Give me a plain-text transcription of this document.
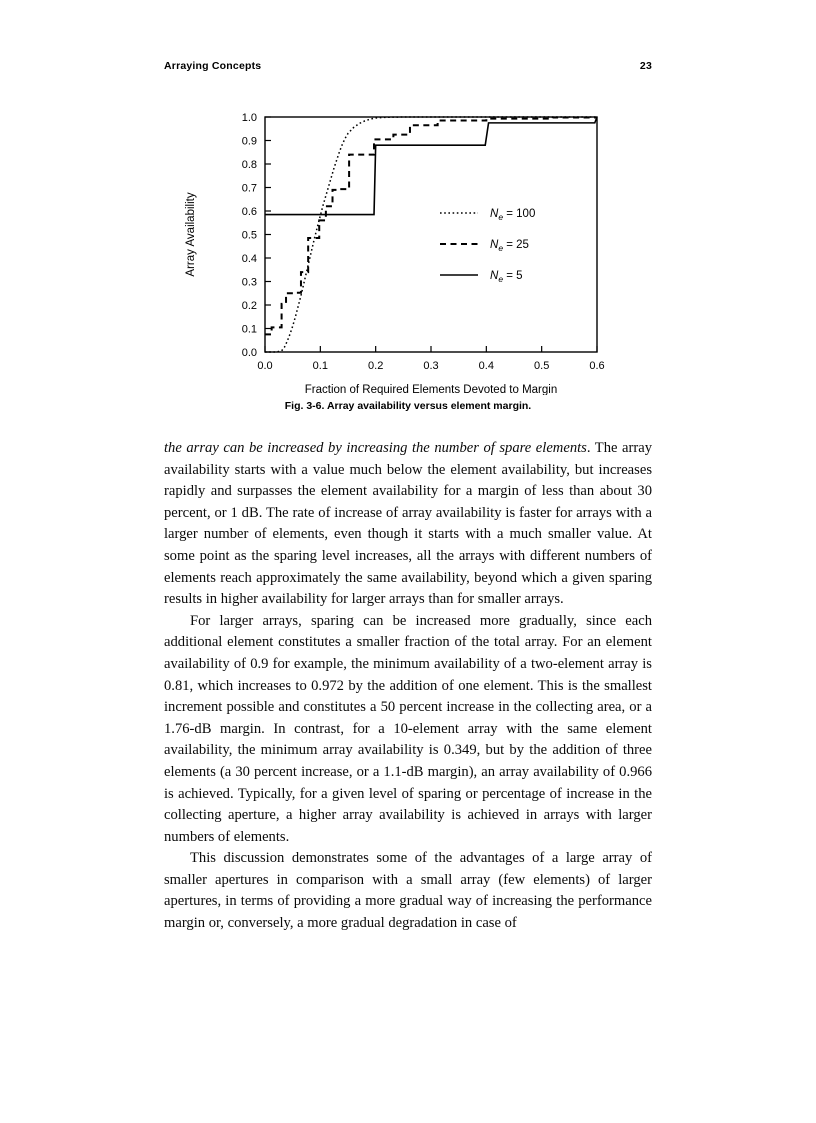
Arraying Concepts	23
0.0
0.1
0.2
0.3
0.4
0.5
0.6
0.7
0.8
0.9
1.0
0.0	0.1	0.2	0.3	0.4	0.5	0.6
Fraction of Required Elements Devoted to Margin
Array Availability	$N_e = 100$
$N_e = 25$
$N_e = 5$
Fig. 3-6. Array availability versus element margin.

the array can be increased by increasing the number of spare elements. The array availability starts with a value much below the element availability, but increases rapidly and surpasses the element availability for a margin of less than about 30 percent, or 1 dB. The rate of increase of array availability is faster for arrays with a larger number of elements, even though it starts with a much smaller value. At some point as the sparing level increases, all the arrays with different numbers of elements reach approximately the same availability, beyond which a given sparing results in higher availability for larger arrays than for smaller arrays.

For larger arrays, sparing can be increased more gradually, since each additional element constitutes a smaller fraction of the total array. For an element availability of 0.9 for example, the minimum availability of a two-element array is 0.81, which increases to 0.972 by the addition of one element. This is the smallest increment possible and constitutes a 50 percent increase in the collecting area, or a 1.76-dB margin. In contrast, for a 10-element array with the same element availability, the minimum array availability is 0.349, but by the addition of three elements (a 30 percent increase, or a 1.1-dB margin), an array availability of 0.966 is achieved. Typically, for a given level of sparing or percentage of increase in the collecting aperture, a higher array availability is achieved in arrays with larger numbers of elements.

This discussion demonstrates some of the advantages of a large array of smaller apertures in comparison with a small array (few elements) of larger apertures, in terms of providing a more gradual way of increasing the performance margin or, conversely, a more gradual degradation in case of
